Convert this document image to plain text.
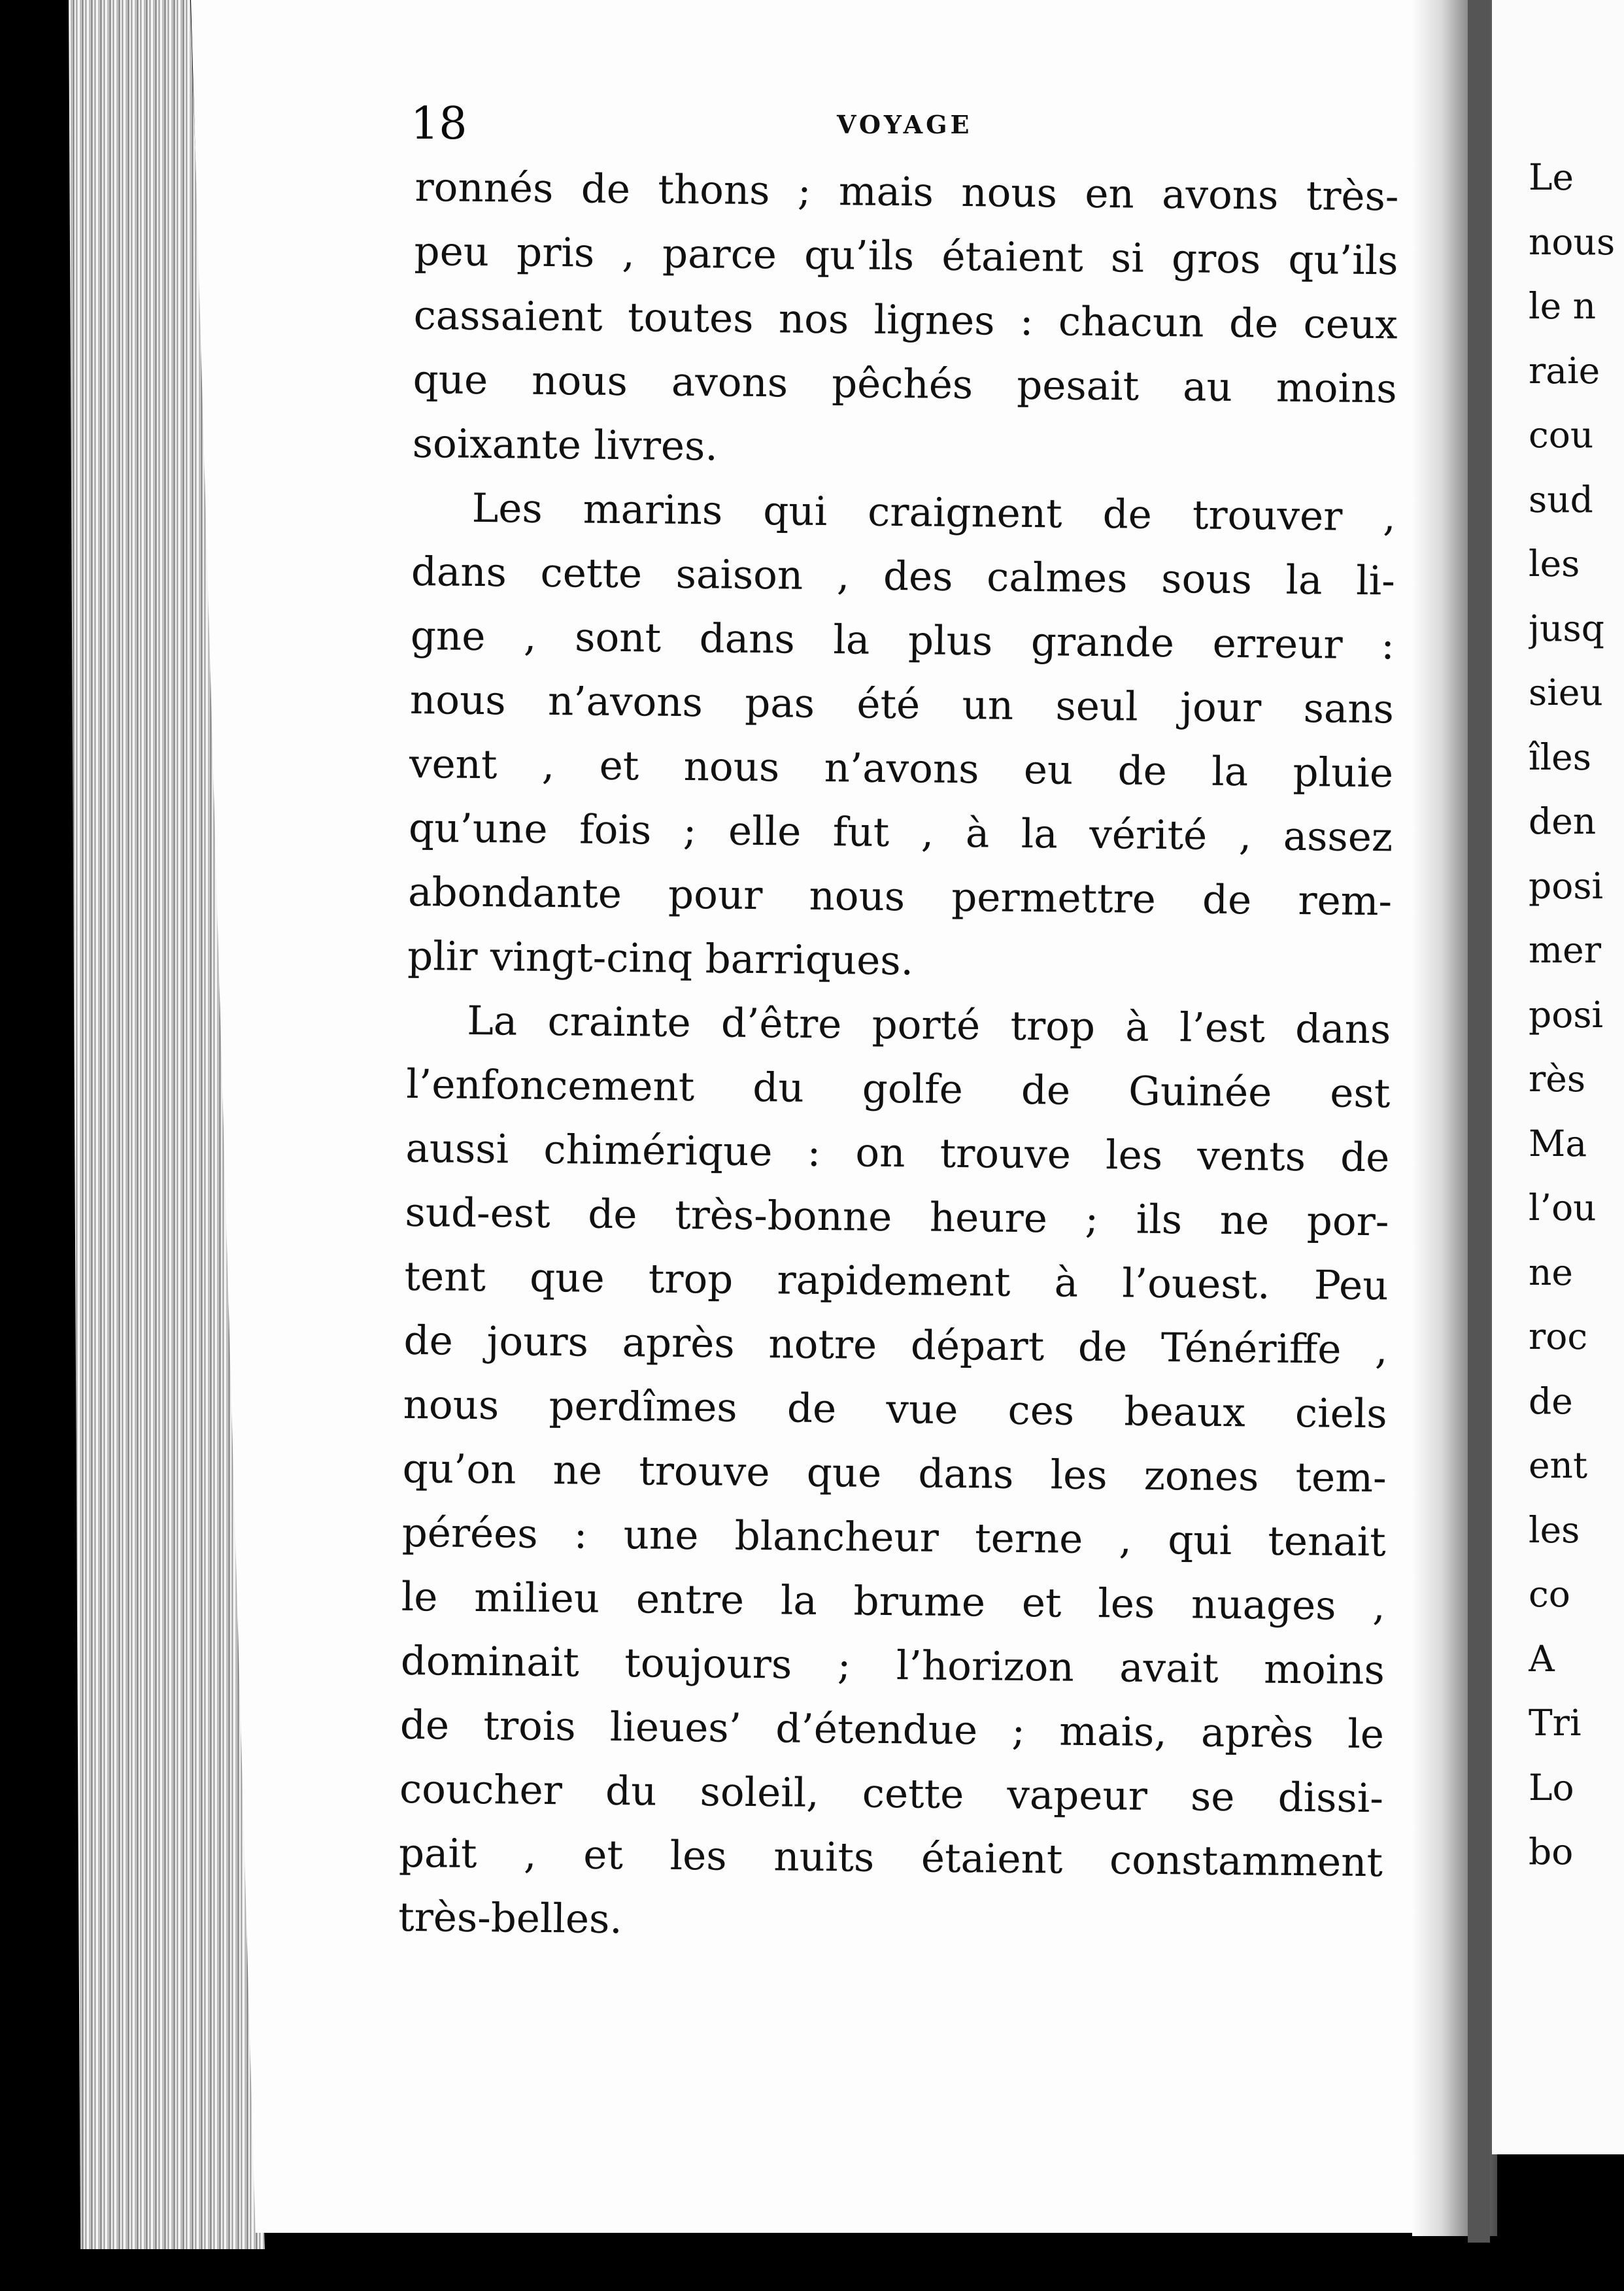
18	VOYAGE
ronnés de thons ; mais nous en avons très-
peu pris , parce qu’ils étaient si gros qu’ils
cassaient toutes nos lignes : chacun de ceux
que nous avons pêchés pesait au moins
soixante livres.
Les marins qui craignent de trouver ,
dans cette saison , des calmes sous la li-
gne , sont dans la plus grande erreur :
nous n’avons pas été un seul jour sans
vent , et nous n’avons eu de la pluie
qu’une fois ; elle fut , à la vérité , assez
abondante pour nous permettre de rem-
plir vingt-cinq barriques.
La crainte d’être porté trop à l’est dans
l’enfoncement du golfe de Guinée est
aussi chimérique : on trouve les vents de
sud-est de très-bonne heure ; ils ne por-
tent que trop rapidement à l’ouest. Peu
de jours après notre départ de Ténériffe ,
nous perdîmes de vue ces beaux ciels
qu’on ne trouve que dans les zones tem-
pérées : une blancheur terne , qui tenait
le milieu entre la brume et les nuages ,
dominait toujours ; l’horizon avait moins
de trois lieues’ d’étendue ; mais, après le
coucher du soleil, cette vapeur se dissi-
pait , et les nuits étaient constamment
très-belles.
Le
nous
le n
raie
cou
sud
les
jusq
sieu
îles
den
posi
mer
posi
rès
Ma
l’ou
ne
roc
de
ent
les
co
A
Tri
Lo
bo
